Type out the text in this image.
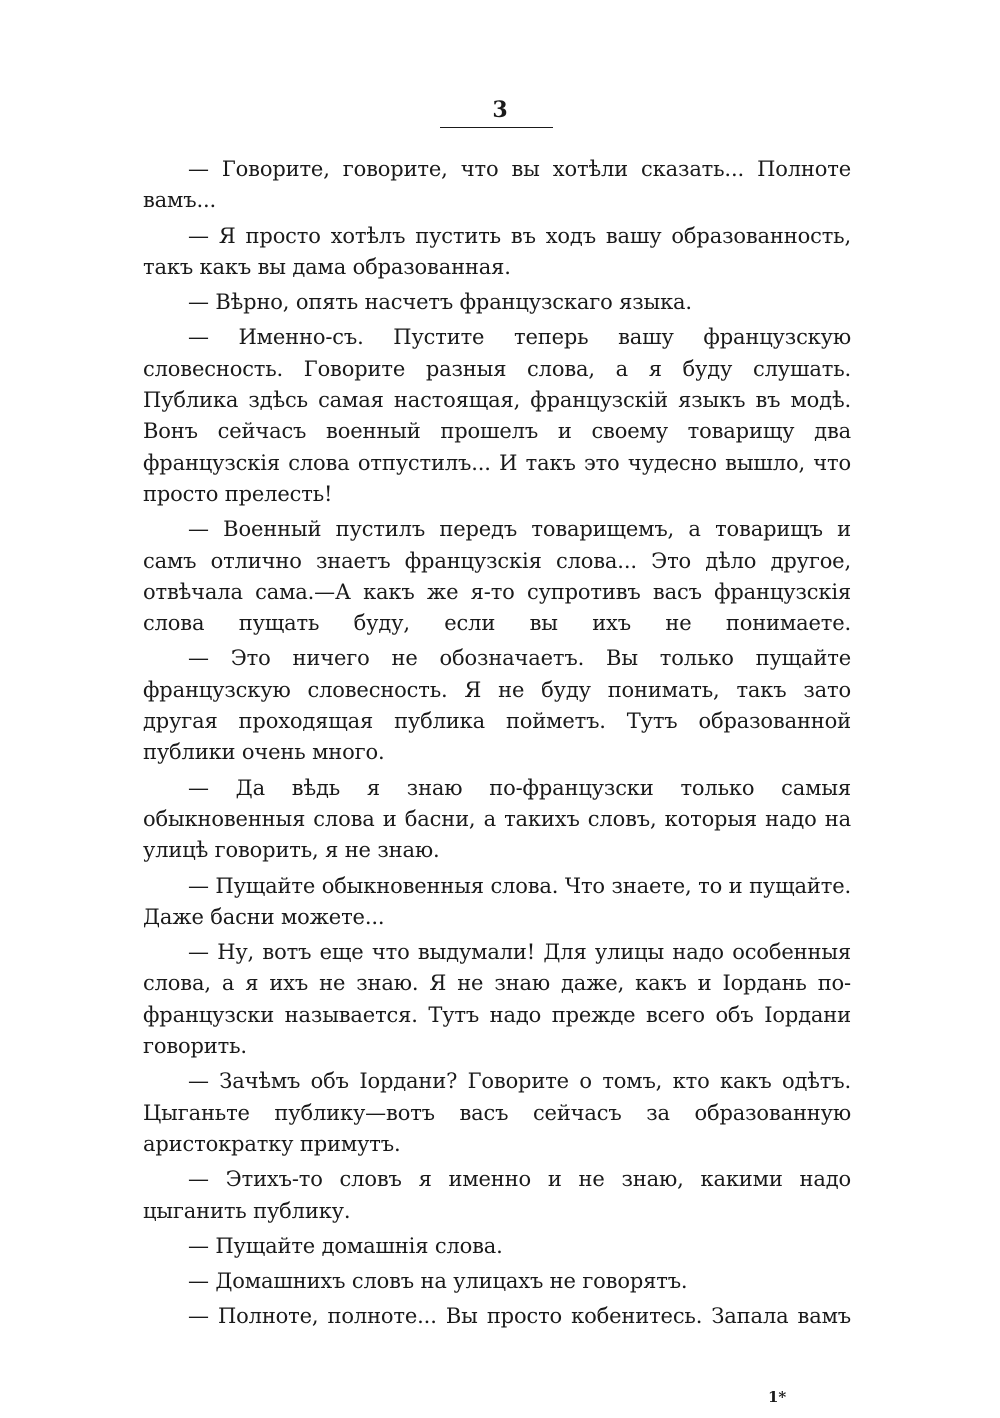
3

— Говорите, говорите, что вы хотѣли сказать... Полноте вамъ...

— Я просто хотѣлъ пустить въ ходъ вашу образованность, такъ какъ вы дама образованная.

— Вѣрно, опять насчетъ французскаго языка.

— Именно-съ. Пустите теперь вашу французскую словесность. Говорите разныя слова, а я буду слушать. Публика здѣсь самая настоящая, французскій языкъ въ модѣ. Вонъ сейчасъ военный прошелъ и своему товарищу два французскія слова отпустилъ... И такъ это чудесно вышло, что просто прелесть!

— Военный пустилъ передъ товарищемъ, а товарищъ и самъ отлично знаетъ французскія слова... Это дѣло другое, отвѣчала сама.—А какъ же я-то супротивъ васъ французскія слова пущать буду, если вы ихъ не понимаете.

— Это ничего не обозначаетъ. Вы только пущайте французскую словесность. Я не буду понимать, такъ зато другая проходящая публика пойметъ. Тутъ образованной публики очень много.

— Да вѣдь я знаю по-французски только самыя обыкновенныя слова и басни, а такихъ словъ, которыя надо на улицѣ говорить, я не знаю.

— Пущайте обыкновенныя слова. Что знаете, то и пущайте. Даже басни можете...

— Ну, вотъ еще что выдумали! Для улицы надо особенныя слова, а я ихъ не знаю. Я не знаю даже, какъ и Іордань по-французски называется. Тутъ надо прежде всего объ Іордани говорить.

— Зачѣмъ объ Іордани? Говорите о томъ, кто какъ одѣтъ. Цыганьте публику—вотъ васъ сейчасъ за образованную аристократку примутъ.

— Этихъ-то словъ я именно и не знаю, какими надо цыганить публику.

— Пущайте домашнія слова.

— Домашнихъ словъ на улицахъ не говорятъ.

— Полноте, полноте... Вы просто кобенитесь. Запала вамъ

1*
